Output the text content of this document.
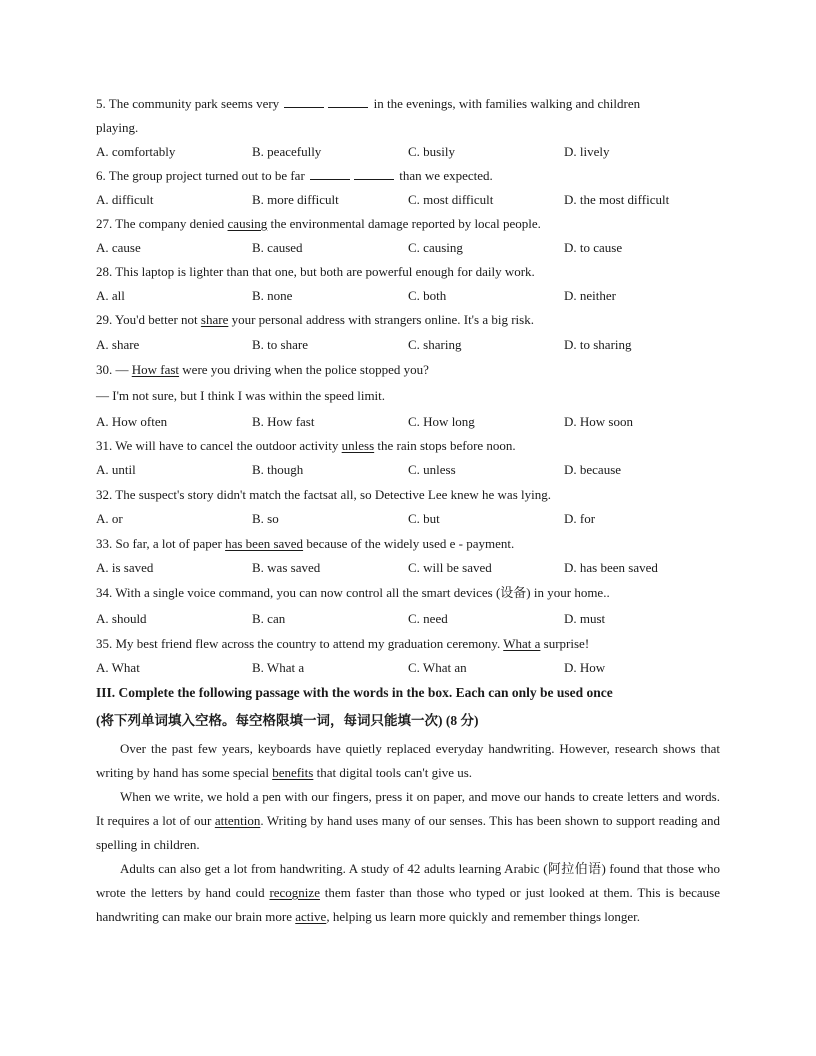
5. The community park seems very	in the evenings, with families walking and children

playing.

A. comfortably	B. peacefully	C. busily	D. lively

6. The group project turned out to be far	than we expected.

A. difficult	B. more difficult	C. most difficult	D. the most difficult

27. The company denied causing the environmental damage reported by local people.

A. cause	B. caused	C. causing	D. to cause

28. This laptop is lighter than that one, but both are powerful enough for daily work.

A. all	B. none	C. both	D. neither

29. You'd better not share your personal address with strangers online. It's a big risk.

A. share	B. to share	C. sharing	D. to sharing

30. — How fast were you driving when the police stopped you?

— I'm not sure, but I think I was within the speed limit.

A. How often	B. How fast	C. How long	D. How soon

31. We will have to cancel the outdoor activity unless the rain stops before noon.

A. until	B. though	C. unless	D. because

32. The suspect's story didn't match the factsat all, so Detective Lee knew he was lying.

A. or	B. so	C. but	D. for

33. So far, a lot of paper has been saved because of the widely used e - payment.

A. is saved	B. was saved	C. will be saved	D. has been saved

34. With a single voice command, you can now control all the smart devices (设备) in your home..

A. should	B. can	C. need	D. must

35. My best friend flew across the country to attend my graduation ceremony. What a surprise!

A. What	B. What a	C. What an	D. How

III. Complete the following passage with the words in the box. Each can only be used once

(将下列单词填入空格。每空格限填一词，每词只能填一次) (8 分)

Over the past few years, keyboards have quietly replaced everyday handwriting. However, research shows that writing by hand has some special benefits that digital tools can't give us.

When we write, we hold a pen with our fingers, press it on paper, and move our hands to create letters and words. It requires a lot of our attention. Writing by hand uses many of our senses. This has been shown to support reading and spelling in children.

Adults can also get a lot from handwriting. A study of 42 adults learning Arabic (阿拉伯语) found that those who wrote the letters by hand could recognize them faster than those who typed or just looked at them. This is because handwriting can make our brain more active, helping us learn more quickly and remember things longer.
